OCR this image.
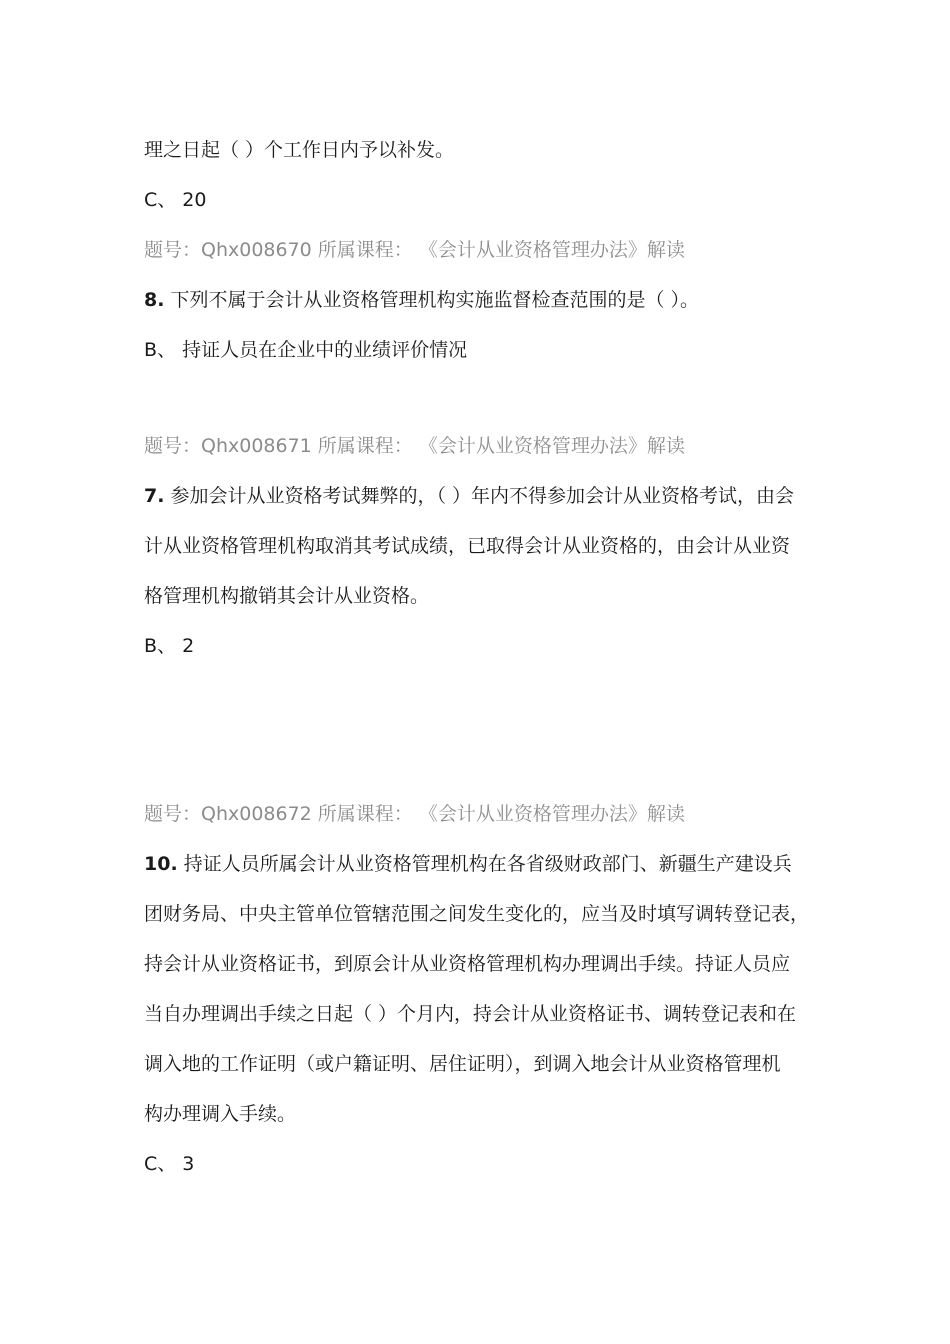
理之日起（ ）个工作日内予以补发。
C、 20
题号：Qhx008670 所属课程： 《会计从业资格管理办法》解读
8. 下列不属于会计从业资格管理机构实施监督检查范围的是（ ）。
B、 持证人员在企业中的业绩评价情况
题号：Qhx008671 所属课程： 《会计从业资格管理办法》解读
7. 参加会计从业资格考试舞弊的，（ ）年内不得参加会计从业资格考试，由会
计从业资格管理机构取消其考试成绩，已取得会计从业资格的，由会计从业资
格管理机构撤销其会计从业资格。
B、 2
题号：Qhx008672 所属课程： 《会计从业资格管理办法》解读
10. 持证人员所属会计从业资格管理机构在各省级财政部门、新疆生产建设兵
团财务局、中央主管单位管辖范围之间发生变化的，应当及时填写调转登记表，
持会计从业资格证书，到原会计从业资格管理机构办理调出手续。持证人员应
当自办理调出手续之日起（ ）个月内，持会计从业资格证书、调转登记表和在
调入地的工作证明（或户籍证明、居住证明），到调入地会计从业资格管理机
构办理调入手续。
C、 3
